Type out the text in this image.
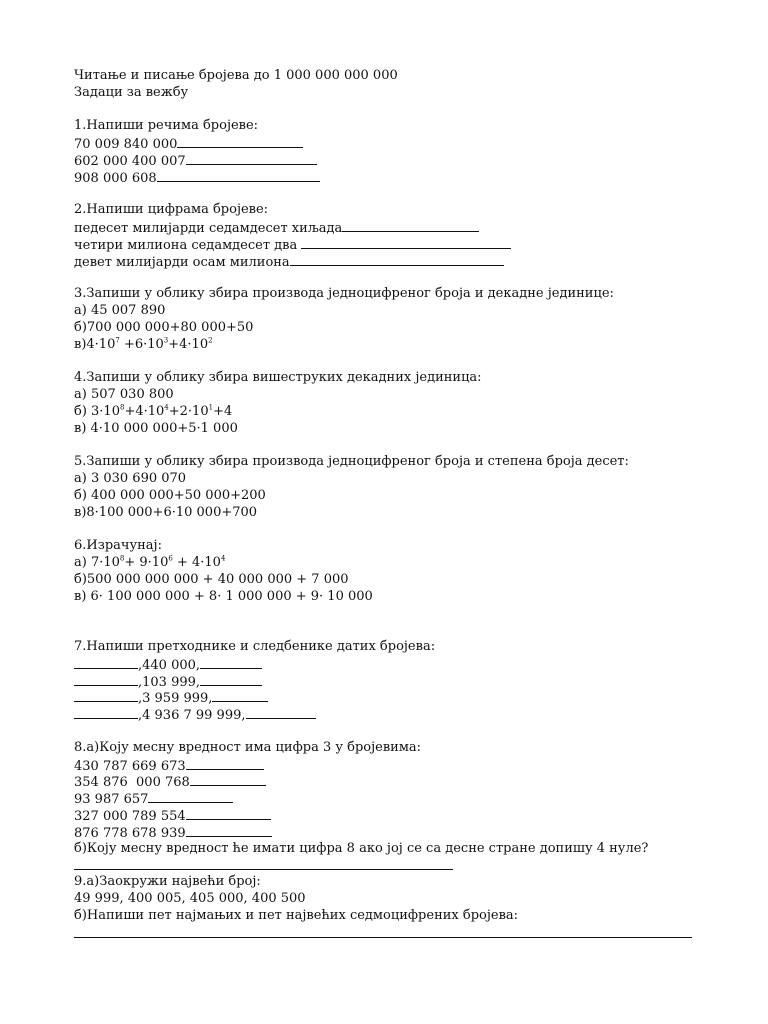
Читање и писање бројева до 1 000 000 000 000
Задаци за вежбу
1.Напиши речима бројеве:
70 009 840 000
602 000 400 007
908 000 608
2.Напиши цифрама бројеве:
педесет милијарди седамдесет хиљада
четири милиона седамдесет два
девет милијарди осам милиона
3.Запиши у облику збира производа једноцифреног броја и декадне јединице:
а) 45 007 890
б)700 000 000+80 000+50
$в)4\cdot 10^7 +6\cdot 10^3+4\cdot 10^2$
4.Запиши у облику збира вишеструких декадних јединица:
а) 507 030 800
б) $3\cdot 10^8+4\cdot 10^4+2\cdot 10^1+4$
в) 4·10 000 000+5·1 000
5.Запиши у облику збира производа једноцифреног броја и степена броја десет:
а) 3 030 690 070
б) 400 000 000+50 000+200
в)8·100 000+6·10 000+700
6.Израчунај:
а) $7\cdot 10^8+ 9\cdot 10^6 + 4\cdot 10^4$
б)500 000 000 000 + 40 000 000 + 7 000
в) 6· 100 000 000 + 8· 1 000 000 + 9· 10 000
7.Напиши претходнике и следбенике датих бројева:
,440 000,
,103 999,
,3 959 999,
,4 936 7 99 999,
8.а)Коју месну вредност има цифра 3 у бројевима:
430 787 669 673
354 876  000 768
93 987 657
327 000 789 554
876 778 678 939
б)Коју месну вредност ће имати цифра 8 ако јој се са десне стране допишу 4 нуле?
9.а)Заокружи највећи број:
49 999, 400 005, 405 000, 400 500
б)Напиши пет најмањих и пет највећих седмоцифрених бројева:
